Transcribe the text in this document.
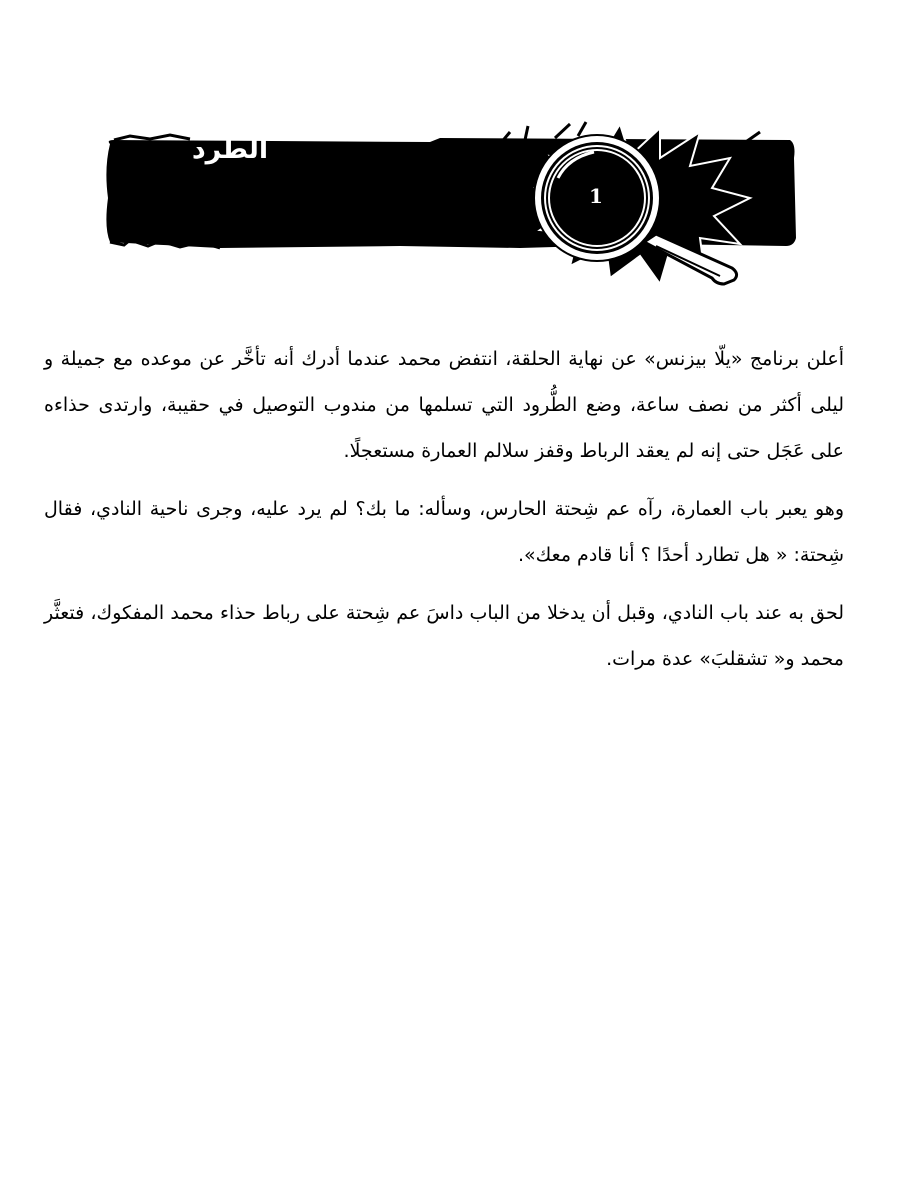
الطرد
1

أعلن برنامج «يلّا بيزنس» عن نهاية الحلقة، انتفض محمد عندما أدرك أنه تأخَّر عن موعده مع جميلة و ليلى أكثر من نصف ساعة، وضع الطُّرود التي تسلمها من مندوب التوصيل في حقيبة، وارتدى حذاءه على عَجَل حتى إنه لم يعقد الرباط وقفز سلالم العمارة مستعجلًا.

وهو يعبر باب العمارة، رآه عم شِحتة الحارس، وسأله: ما بك؟ لم يرد عليه، وجرى ناحية النادي، فقال شِحتة: « هل تطارد أحدًا ؟ أنا قادم معك».

لحق به عند باب النادي، وقبل أن يدخلا من الباب داسَ عم شِحتة على رباط حذاء محمد المفكوك، فتعثَّر محمد و« تشقلبَ» عدة مرات.
